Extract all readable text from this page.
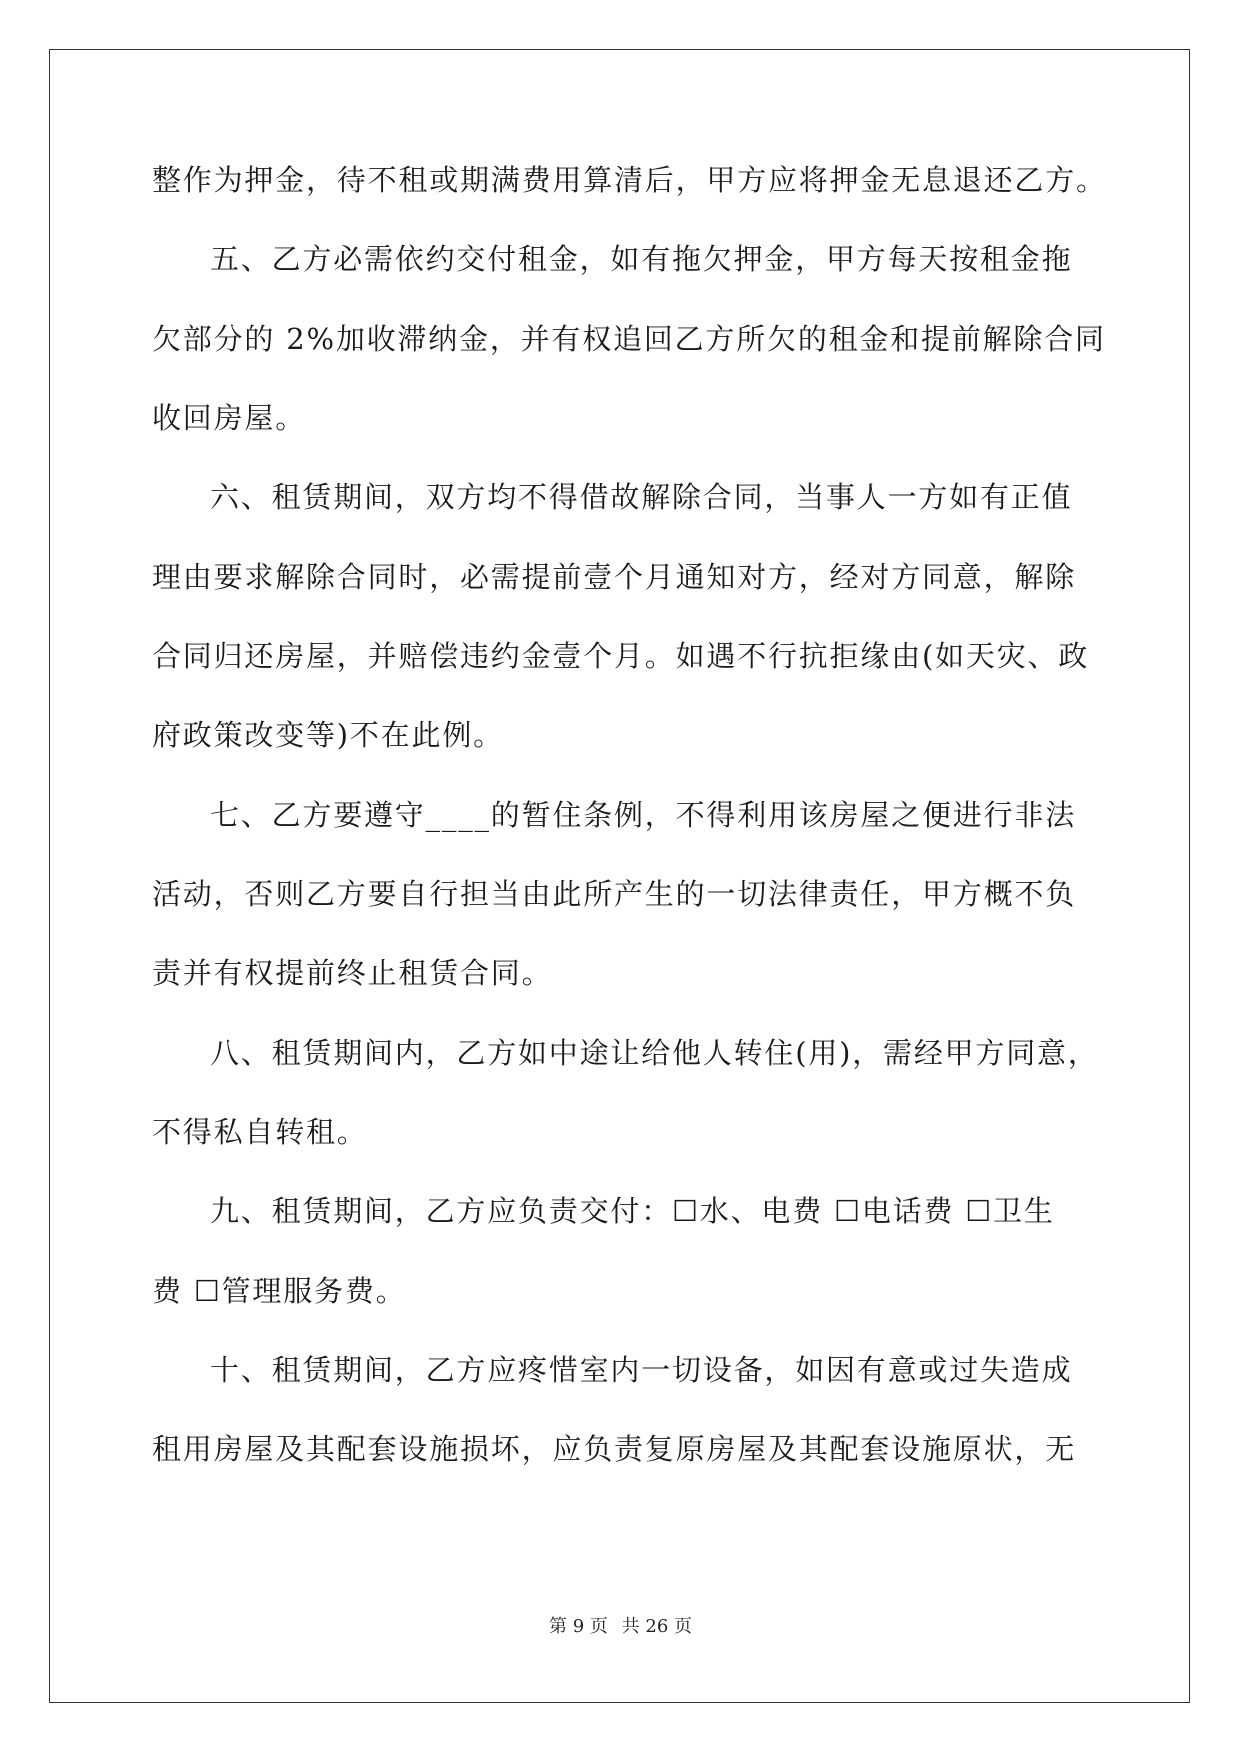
整作为押金，待不租或期满费用算清后，甲方应将押金无息退还乙方。
五、乙方必需依约交付租金，如有拖欠押金，甲方每天按租金拖
欠部分的 2%加收滞纳金，并有权追回乙方所欠的租金和提前解除合同
收回房屋。
六、租赁期间，双方均不得借故解除合同，当事人一方如有正值
理由要求解除合同时，必需提前壹个月通知对方，经对方同意，解除
合同归还房屋，并赔偿违约金壹个月。如遇不行抗拒缘由(如天灾、政
府政策改变等)不在此例。
七、乙方要遵守____的暂住条例，不得利用该房屋之便进行非法
活动，否则乙方要自行担当由此所产生的一切法律责任，甲方概不负
责并有权提前终止租赁合同。
八、租赁期间内，乙方如中途让给他人转住(用)，需经甲方同意，
不得私自转租。
九、租赁期间，乙方应负责交付：☐水、电费 ☐电话费 ☐卫生
费 ☐管理服务费。
十、租赁期间，乙方应疼惜室内一切设备，如因有意或过失造成
租用房屋及其配套设施损坏，应负责复原房屋及其配套设施原状，无
第 9 页 共 26 页
